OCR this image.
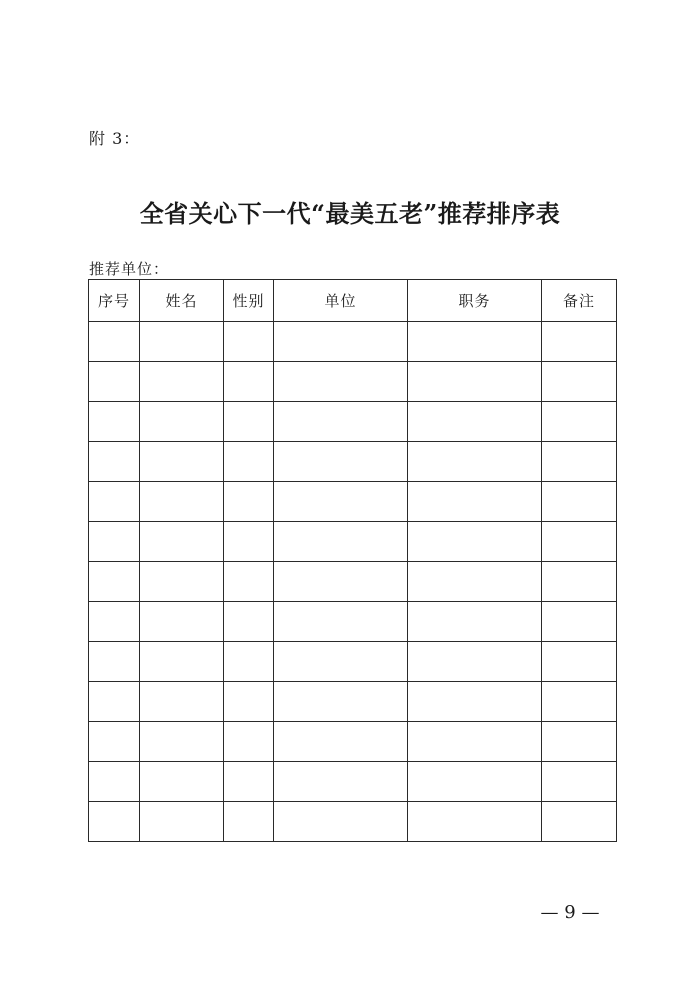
附 3：
全省关心下一代“最美五老”推荐排序表
推荐单位：
序号	姓名	性别	单位	职务	备注

— 9 —
